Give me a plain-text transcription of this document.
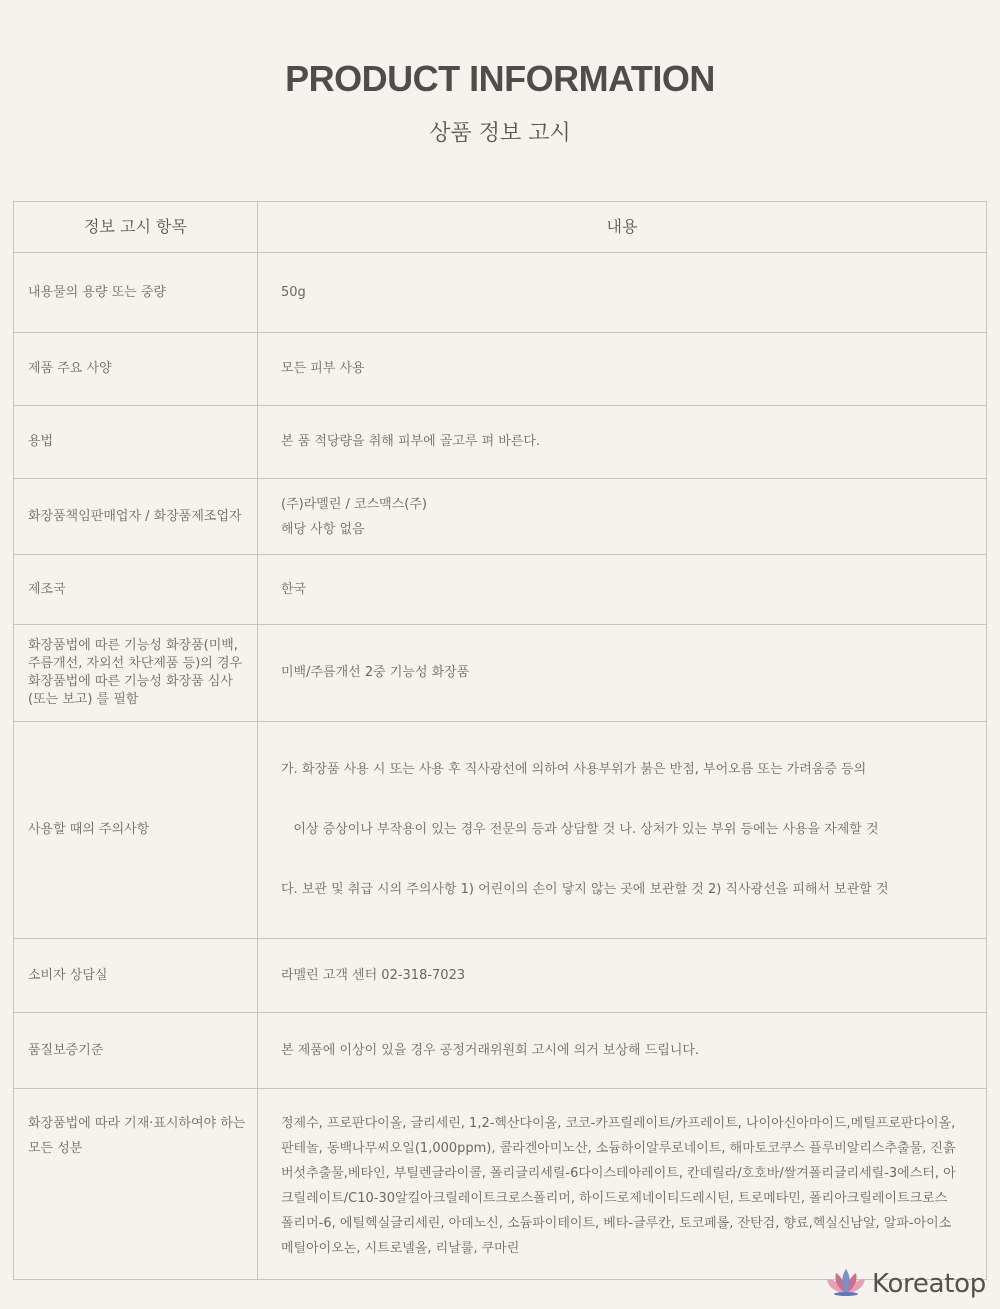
PRODUCT INFORMATION
상품 정보 고시
정보 고시 항목	내용

내용물의 용량 또는 중량	50g

제품 주요 사양	모든 피부 사용

용법	본 품 적당량을 취해 피부에 골고루 펴 바른다.

화장품책임판매업자 / 화장품제조업자	(주)라멜린 / 코스맥스(주)
해당 사항 없음

제조국	한국

화장품법에 따른 기능성 화장품(미백,
주름개선, 자외선 차단제품 등)의 경우
화장품법에 따른 기능성 화장품 심사
(또는 보고) 를 필함	미백/주름개선 2중 기능성 화장품

사용할 때의 주의사항	가. 화장품 사용 시 또는 사용 후 직사광선에 의하여 사용부위가 붉은 반점, 부어오름 또는 가려움증 등의

이상 증상이나 부작용이 있는 경우 전문의 등과 상담할 것 나. 상처가 있는 부위 등에는 사용을 자제할 것

다. 보관 및 취급 시의 주의사항 1) 어린이의 손이 닿지 않는 곳에 보관할 것 2) 직사광선을 피해서 보관할 것

소비자 상담실	라멜린 고객 센터 02-318-7023

품질보증기준	본 제품에 이상이 있을 경우 공정거래위원회 고시에 의거 보상해 드립니다.

화장품법에 따라 기재·표시하여야 하는
모든 성분	정제수, 프로판다이올, 글리세린, 1,2-헥산다이올, 코코-카프릴레이트/카프레이트, 나이아신아마이드,메틸프로판다이올, 판테놀, 동백나무씨오일(1,000ppm), 콜라겐아미노산, 소듐하이알루로네이트, 해마토코쿠스 플루비알리스추출물, 진흙버섯추출물,베타인, 부틸렌글라이콜, 폴리글리세릴-6다이스테아레이트, 칸데릴라/호호바/쌀겨폴리글리세릴-3에스터, 아크릴레이트/C10-30알킬아크릴레이트크로스폴리머, 하이드로제네이티드레시틴, 트로메타민, 폴리아크릴레이트크로스폴리머-6, 에틸헥실글리세린, 아데노신, 소듐파이테이트, 베타-글루칸, 토코페롤, 잔탄검, 향료,헥실신남알, 알파-아이소메틸아이오논, 시트로넬올, 리날룰, 쿠마린
Koreatop
